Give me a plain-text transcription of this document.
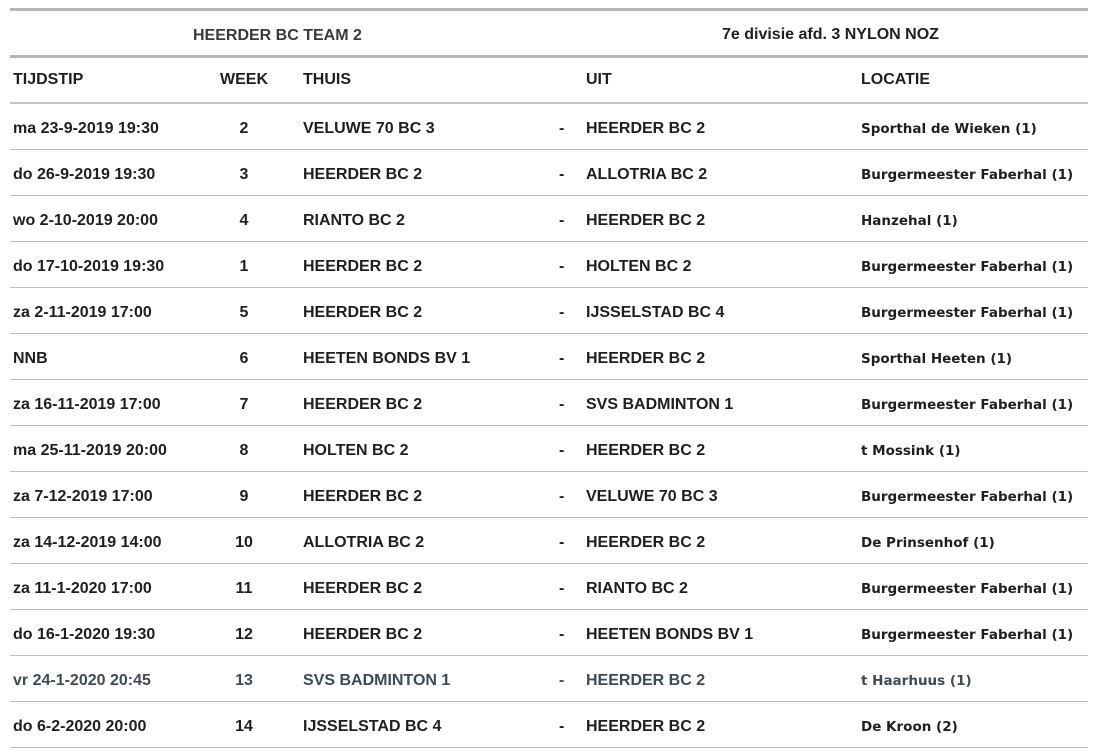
HEERDER BC TEAM 2	7e divisie afd. 3 NYLON NOZ
TIJDSTIP	WEEK THUIS	UIT	LOCATIE
ma 23-9-2019 19:30	2	VELUWE 70 BC 3	- HEERDER BC 2	Sporthal de Wieken (1)
do 26-9-2019 19:30	3	HEERDER BC 2	- ALLOTRIA BC 2	Burgermeester Faberhal (1)
wo 2-10-2019 20:00	4	RIANTO BC 2	- HEERDER BC 2	Hanzehal (1)
do 17-10-2019 19:30	1	HEERDER BC 2	- HOLTEN BC 2	Burgermeester Faberhal (1)
za 2-11-2019 17:00	5	HEERDER BC 2	- IJSSELSTAD BC 4	Burgermeester Faberhal (1)
NNB	6	HEETEN BONDS BV 1	- HEERDER BC 2	Sporthal Heeten (1)
za 16-11-2019 17:00	7	HEERDER BC 2	- SVS BADMINTON 1	Burgermeester Faberhal (1)
ma 25-11-2019 20:00	8	HOLTEN BC 2	- HEERDER BC 2	t Mossink (1)
za 7-12-2019 17:00	9	HEERDER BC 2	- VELUWE 70 BC 3	Burgermeester Faberhal (1)
za 14-12-2019 14:00	10	ALLOTRIA BC 2	- HEERDER BC 2	De Prinsenhof (1)
za 11-1-2020 17:00	11	HEERDER BC 2	- RIANTO BC 2	Burgermeester Faberhal (1)
do 16-1-2020 19:30	12	HEERDER BC 2	- HEETEN BONDS BV 1	Burgermeester Faberhal (1)
vr 24-1-2020 20:45	13	SVS BADMINTON 1	- HEERDER BC 2	t Haarhuus (1)
do 6-2-2020 20:00	14	IJSSELSTAD BC 4	- HEERDER BC 2	De Kroon (2)
